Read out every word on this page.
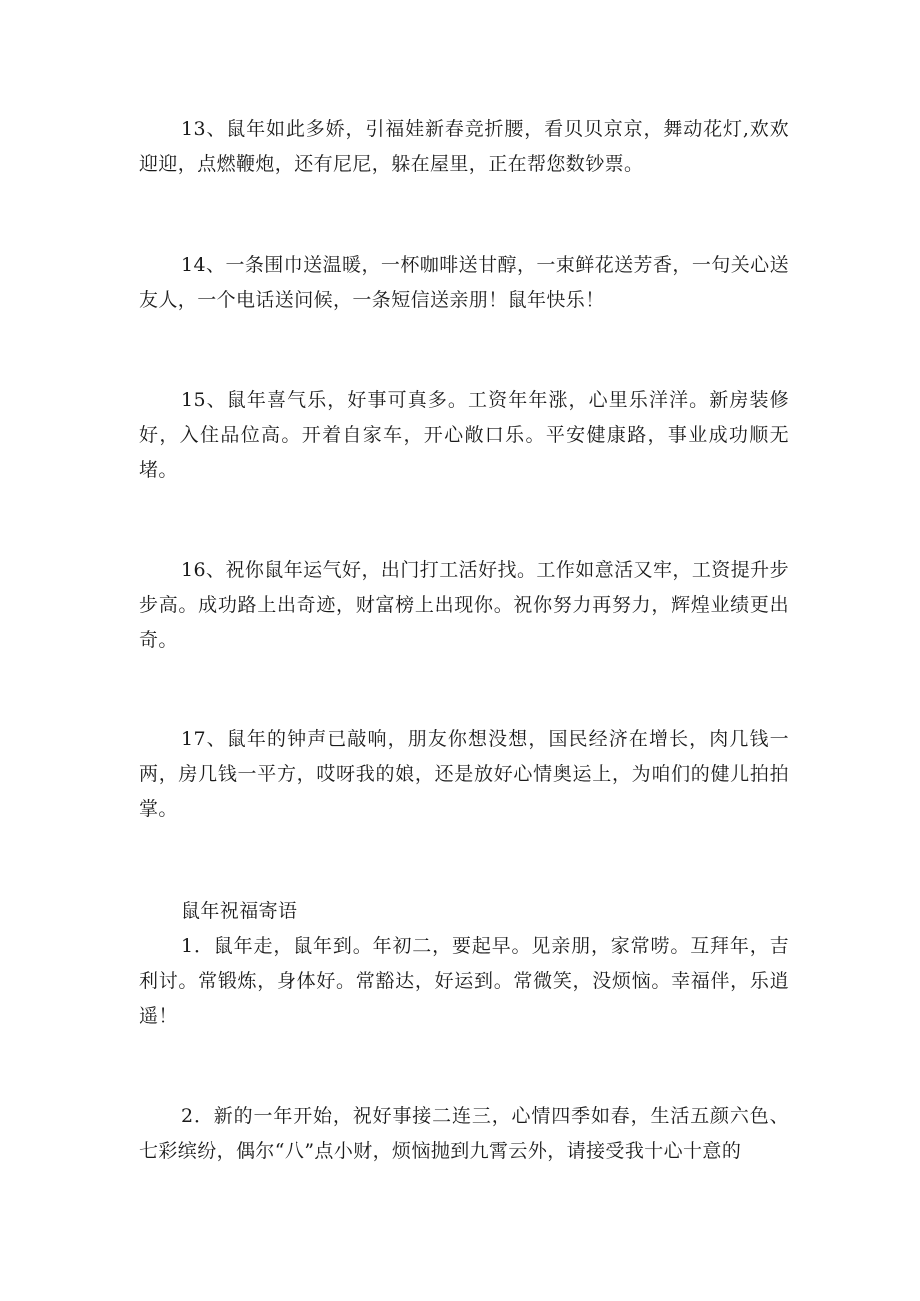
13、鼠年如此多娇，引福娃新春竞折腰，看贝贝京京，舞动花灯,欢欢迎迎，点燃鞭炮，还有尼尼，躲在屋里，正在帮您数钞票。

14、一条围巾送温暖，一杯咖啡送甘醇，一束鲜花送芳香，一句关心送友人，一个电话送问候，一条短信送亲朋！鼠年快乐！

15、鼠年喜气乐，好事可真多。工资年年涨，心里乐洋洋。新房装修好，入住品位高。开着自家车，开心敞口乐。平安健康路，事业成功顺无堵。

16、祝你鼠年运气好，出门打工活好找。工作如意活又牢，工资提升步步高。成功路上出奇迹，财富榜上出现你。祝你努力再努力，辉煌业绩更出奇。

17、鼠年的钟声已敲响，朋友你想没想，国民经济在增长，肉几钱一两，房几钱一平方，哎呀我的娘，还是放好心情奥运上，为咱们的健儿拍拍掌。

鼠年祝福寄语

1．鼠年走，鼠年到。年初二，要起早。见亲朋，家常唠。互拜年，吉利讨。常锻炼，身体好。常豁达，好运到。常微笑，没烦恼。幸福伴，乐逍遥！

2．新的一年开始，祝好事接二连三，心情四季如春，生活五颜六色、七彩缤纷，偶尔“八”点小财，烦恼抛到九霄云外，请接受我十心十意的
